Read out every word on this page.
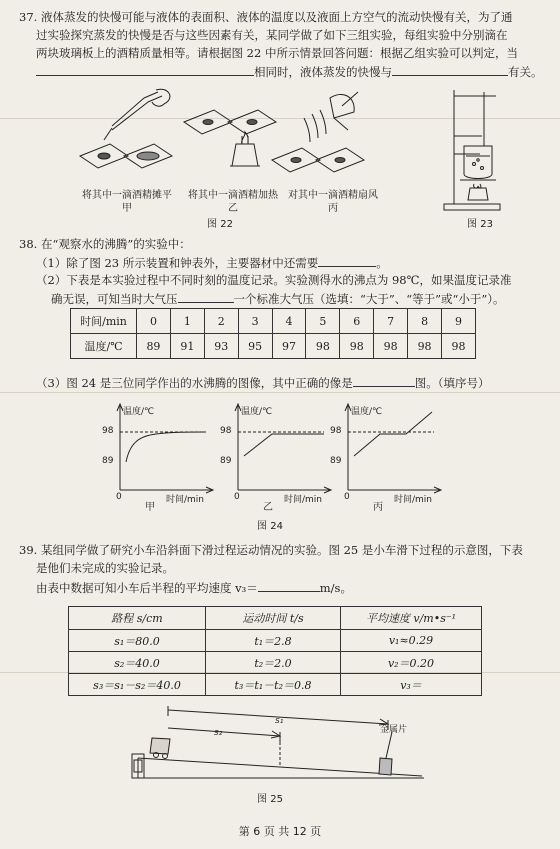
37. 液体蒸发的快慢可能与液体的表面积、液体的温度以及液面上方空气的流动快慢有关，为了通
过实验探究蒸发的快慢是否与这些因素有关，某同学做了如下三组实验，每组实验中分别滴在
两块玻璃板上的酒精质量相等。请根据图 22 中所示情景回答问题：根据乙组实验可以判定，当
相同时，液体蒸发的快慢与	有关。
将其中一滴酒精摊平	将其中一滴酒精加热	对其中一滴酒精扇风
甲	乙	丙
图 22	图 23
38. 在“观察水的沸腾”的实验中：
（1）除了图 23 所示装置和钟表外，主要器材中还需要	。
（2）下表是本实验过程中不同时刻的温度记录。实验测得水的沸点为 98℃，如果温度记录准
确无误，可知当时大气压	一个标准大气压（选填：“大于”、“等于”或“小于”）。
时间/min	0	1	2	3	4	5	6	7	8	9
温度/℃	89	91	93	95	97	98	98	98	98	98
（3）图 24 是三位同学作出的水沸腾的图像，其中正确的像是	图。（填序号）
温度/℃
98
89
0	时间/min
甲
温度/℃
98
89
0	时间/min
乙
温度/℃
98
89
0	时间/min
丙
图 24
39. 某组同学做了研究小车沿斜面下滑过程运动情况的实验。图 25 是小车滑下过程的示意图，下表
是他们未完成的实验记录。
由表中数据可知小车后半程的平均速度 v₃＝	m/s。
路程 s/cm	运动时间 t/s	平均速度 v/m•s⁻¹
s₁＝80.0	t₁＝2.8	v₁≈0.29
s₂＝40.0	t₂＝2.0	v₂＝0.20
s₃＝s₁－s₂＝40.0	t₃＝t₁－t₂＝0.8	v₃＝
s₁
s₂	金属片
图 25
第 6 页 共 12 页
